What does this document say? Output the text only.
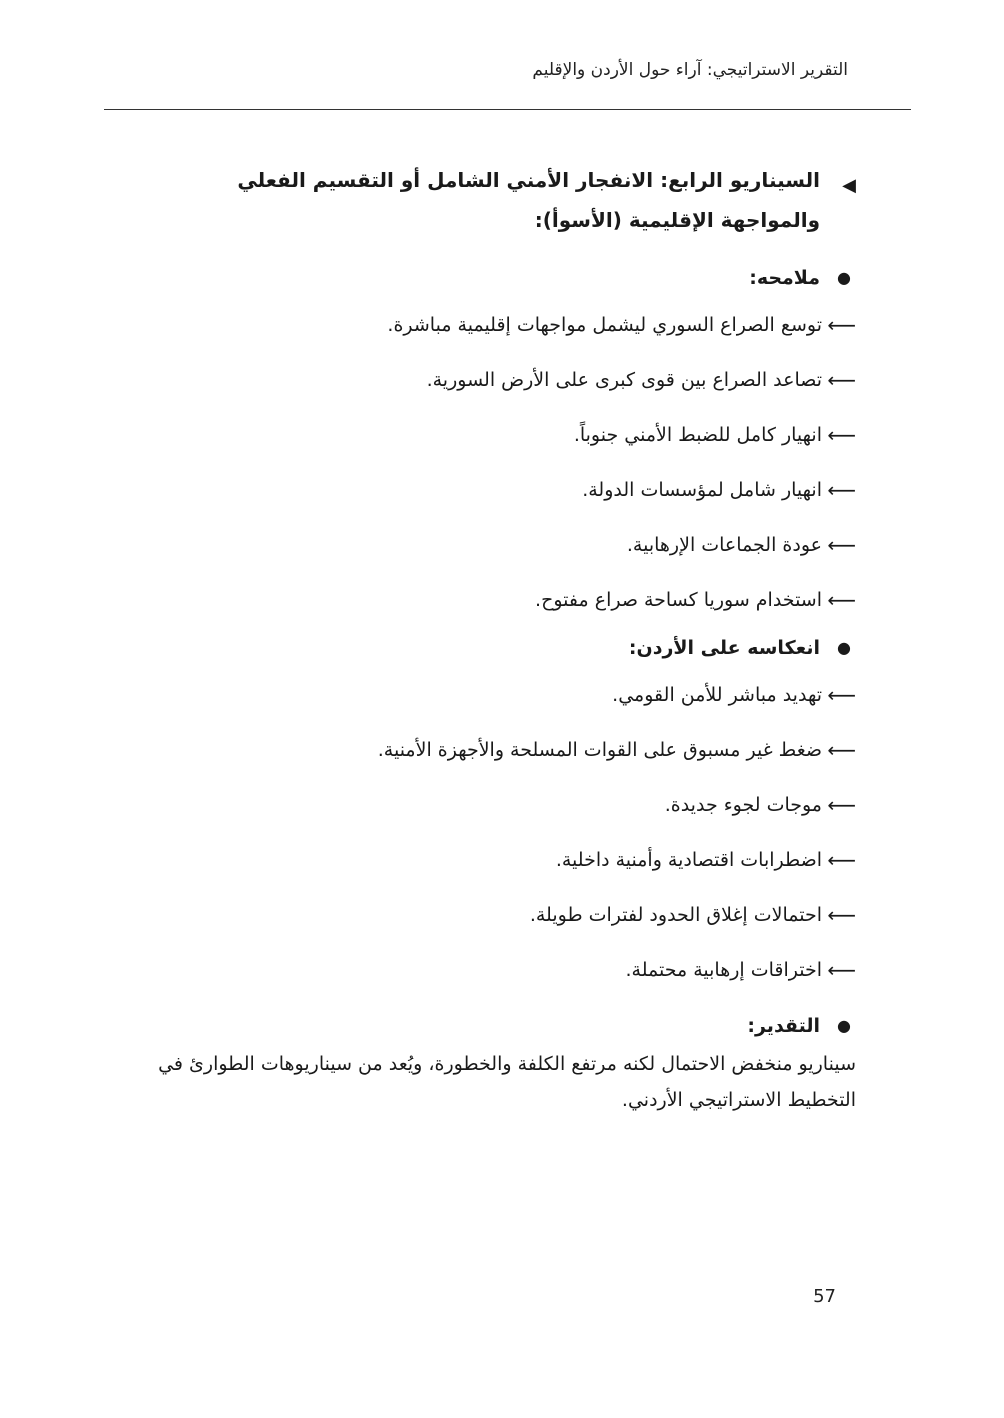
التقرير الاستراتيجي: آراء حول الأردن والإقليم
◀
السيناريو الرابع: الانفجار الأمني الشامل أو التقسيم الفعلي والمواجهة الإقليمية (الأسوأ):
●
ملامحه:
⟵
توسع الصراع السوري ليشمل مواجهات إقليمية مباشرة.
⟵
تصاعد الصراع بين قوى كبرى على الأرض السورية.
⟵
انهيار كامل للضبط الأمني جنوباً.
⟵
انهيار شامل لمؤسسات الدولة.
⟵
عودة الجماعات الإرهابية.
⟵
استخدام سوريا كساحة صراع مفتوح.
●
انعكاسه على الأردن:
⟵
تهديد مباشر للأمن القومي.
⟵
ضغط غير مسبوق على القوات المسلحة والأجهزة الأمنية.
⟵
موجات لجوء جديدة.
⟵
اضطرابات اقتصادية وأمنية داخلية.
⟵
احتمالات إغلاق الحدود لفترات طويلة.
⟵
اختراقات إرهابية محتملة.
●
التقدير:

سيناريو منخفض الاحتمال لكنه مرتفع الكلفة والخطورة، ويُعد من سيناريوهات الطوارئ في التخطيط الاستراتيجي الأردني.

57
